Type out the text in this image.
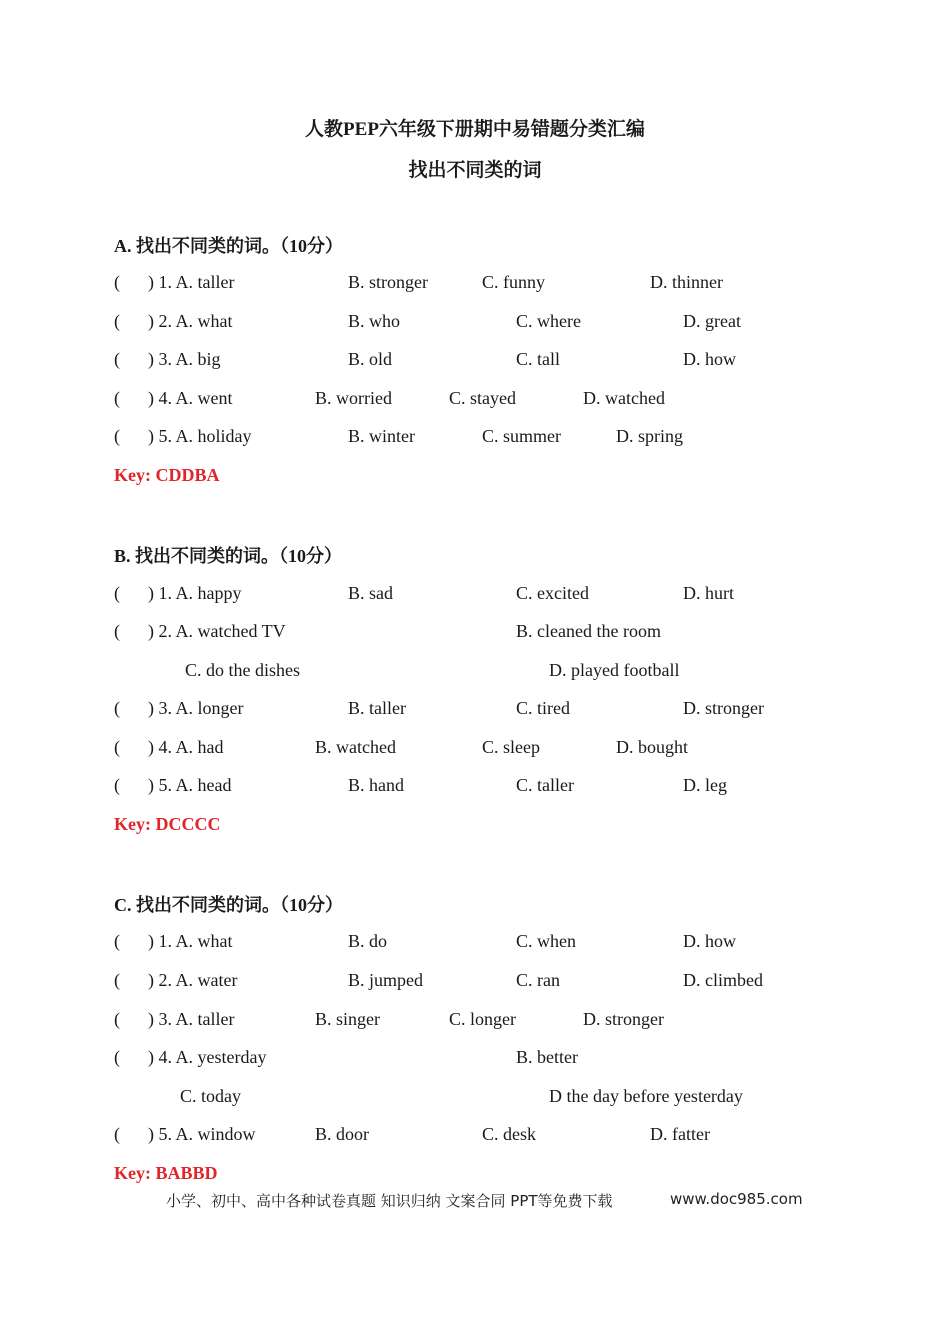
人教PEP六年级下册期中易错题分类汇编
找出不同类的词
A. 找出不同类的词。（10分）
( ) 1. A. taller	B. stronger	C. funny	D. thinner
( ) 2. A. what	B. who	C. where	D. great
( ) 3. A. big	B. old	C. tall	D. how
( ) 4. A. went	B. worried	C. stayed	D. watched
( ) 5. A. holiday	B. winter	C. summer	D. spring
Key: CDDBA
B. 找出不同类的词。（10分）
( ) 1. A. happy	B. sad	C. excited	D. hurt
( ) 2. A. watched TV	B. cleaned the room
C. do the dishes	D. played football
( ) 3. A. longer	B. taller	C. tired	D. stronger
( ) 4. A. had	B. watched	C. sleep	D. bought
( ) 5. A. head	B. hand	C. taller	D. leg
Key: DCCCC
C. 找出不同类的词。（10分）
( ) 1. A. what	B. do	C. when	D. how
( ) 2. A. water	B. jumped	C. ran	D. climbed
( ) 3. A. taller	B. singer	C. longer	D. stronger
( ) 4. A. yesterday	B. better
C. today	D the day before yesterday
( ) 5. A. window	B. door	C. desk	D. fatter
Key: BABBD
小学、初中、高中各种试卷真题 知识归纳 文案合同 PPT等免费下载	www.doc985.com
